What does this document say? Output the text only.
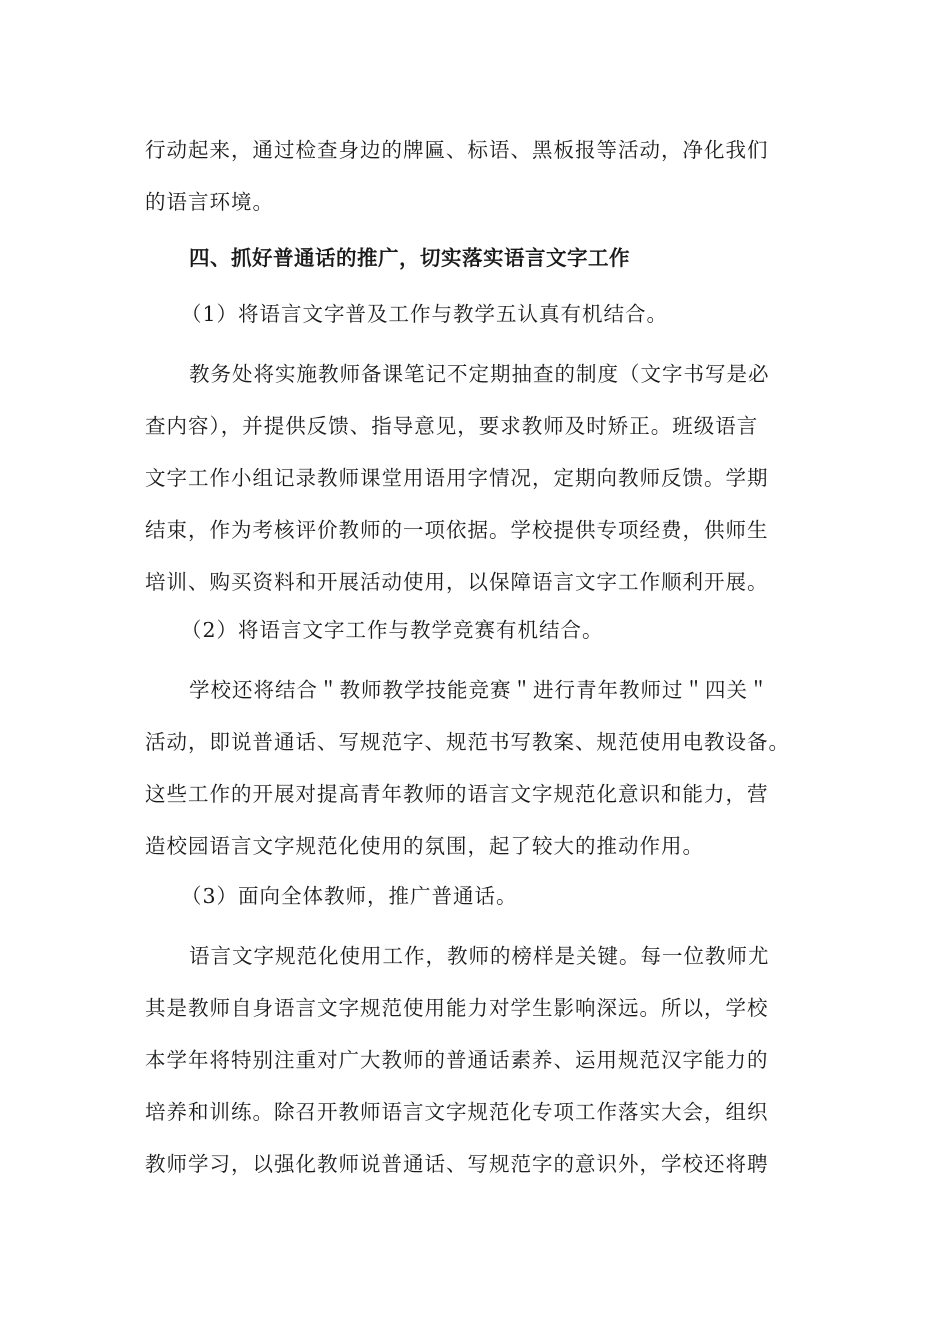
行动起来，通过检查身边的牌匾、标语、黑板报等活动，净化我们
的语言环境。

四、抓好普通话的推广，切实落实语言文字工作

（1）将语言文字普及工作与教学五认真有机结合。

教务处将实施教师备课笔记不定期抽查的制度（文字书写是必
查内容），并提供反馈、指导意见，要求教师及时矫正。班级语言
文字工作小组记录教师课堂用语用字情况，定期向教师反馈。学期
结束，作为考核评价教师的一项依据。学校提供专项经费，供师生
培训、购买资料和开展活动使用，以保障语言文字工作顺利开展。

（2）将语言文字工作与教学竞赛有机结合。

学校还将结合＂教师教学技能竞赛＂进行青年教师过＂四关＂
活动，即说普通话、写规范字、规范书写教案、规范使用电教设备。
这些工作的开展对提高青年教师的语言文字规范化意识和能力，营
造校园语言文字规范化使用的氛围，起了较大的推动作用。

（3）面向全体教师，推广普通话。

语言文字规范化使用工作，教师的榜样是关键。每一位教师尤
其是教师自身语言文字规范使用能力对学生影响深远。所以，学校
本学年将特别注重对广大教师的普通话素养、运用规范汉字能力的
培养和训练。除召开教师语言文字规范化专项工作落实大会，组织
教师学习，以强化教师说普通话、写规范字的意识外，学校还将聘
